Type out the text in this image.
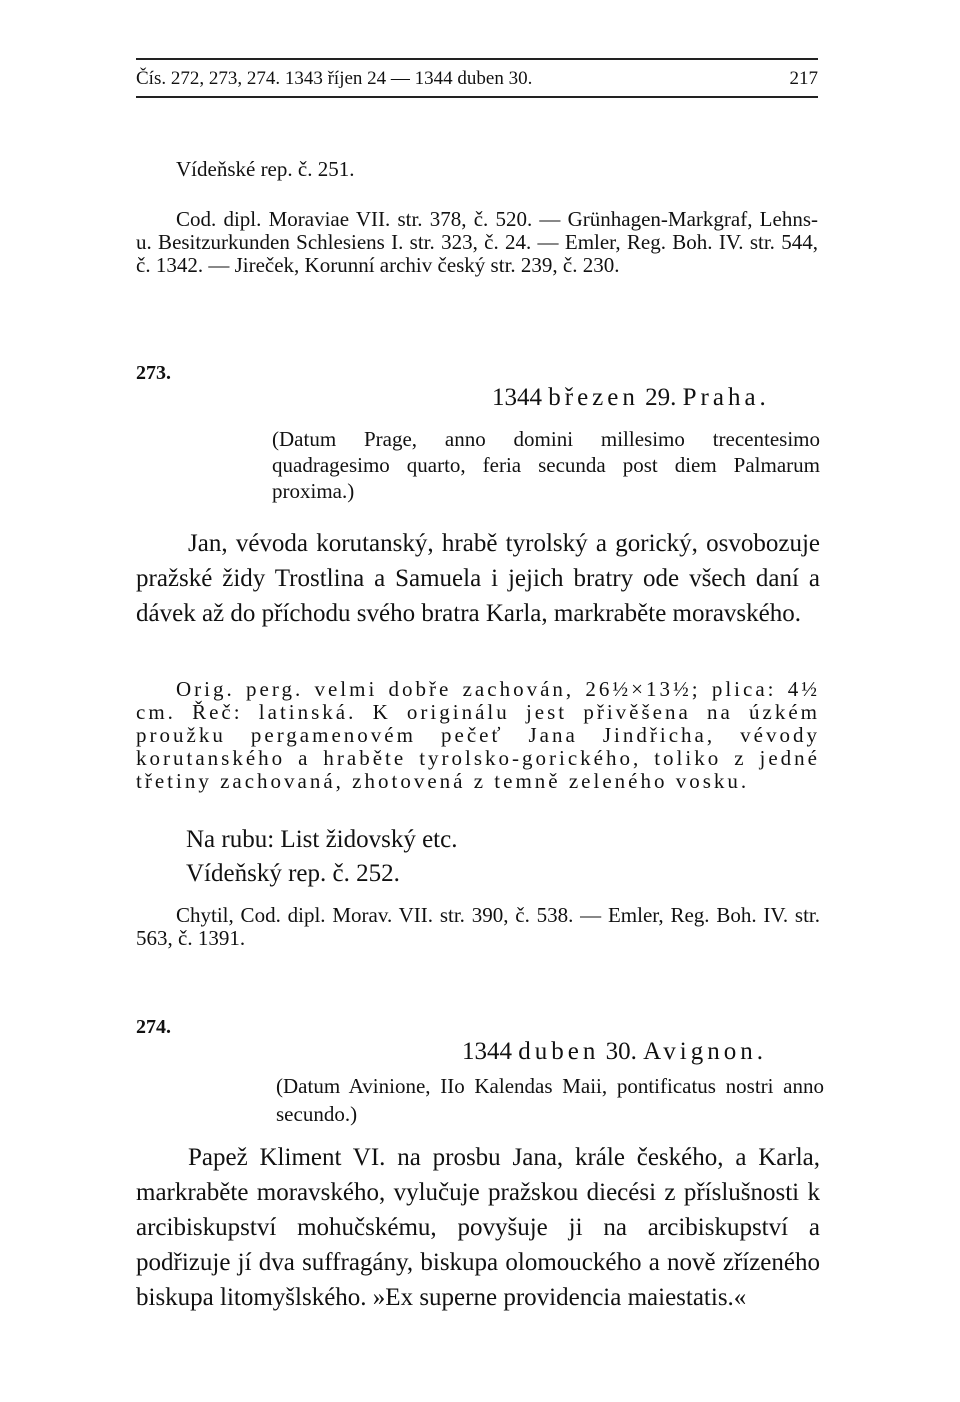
Čís. 272, 273, 274. 1343 říjen 24 — 1344 duben 30.	217
Vídeňské rep. č. 251.
Cod. dipl. Moraviae VII. str. 378, č. 520. — Grünhagen-Markgraf, Lehns- u. Besitzurkunden Schlesiens I. str. 323, č. 24. — Emler, Reg. Boh. IV. str. 544, č. 1342. — Jireček, Korunní archiv český str. 239, č. 230.
273.
1344 březen 29. Praha.
(Datum Prage, anno domini millesimo trecentesimo quadragesimo quarto, feria secunda post diem Palmarum proxima.)
Jan, vévoda korutanský, hrabě tyrolský a gorický, osvobozuje pražské židy Trostlina a Samuela i jejich bratry ode všech daní a dávek až do příchodu svého bratra Karla, markraběte moravského.
Orig. perg. velmi dobře zachován, 26½×13½; plica: 4½ cm. Řeč: latinská. K originálu jest přivěšena na úzkém proužku pergamenovém pečeť Jana Jindřicha, vévody korutanského a hraběte tyrolsko-gorického, toliko z jedné třetiny zachovaná, zhotovená z temně zeleného vosku.
Na rubu: List židovský etc.
Vídeňský rep. č. 252.
Chytil, Cod. dipl. Morav. VII. str. 390, č. 538. — Emler, Reg. Boh. IV. str. 563, č. 1391.
274.
1344 duben 30. Avignon.
(Datum Avinione, IIo Kalendas Maii, pontificatus nostri anno secundo.)
Papež Kliment VI. na prosbu Jana, krále českého, a Karla, markraběte moravského, vylučuje pražskou diecési z příslušnosti k arcibiskupství mohučskému, povyšuje ji na arcibiskupství a podřizuje jí dva suffragány, biskupa olomouckého a nově zřízeného biskupa litomyšlského. »Ex superne providencia maiestatis.«
